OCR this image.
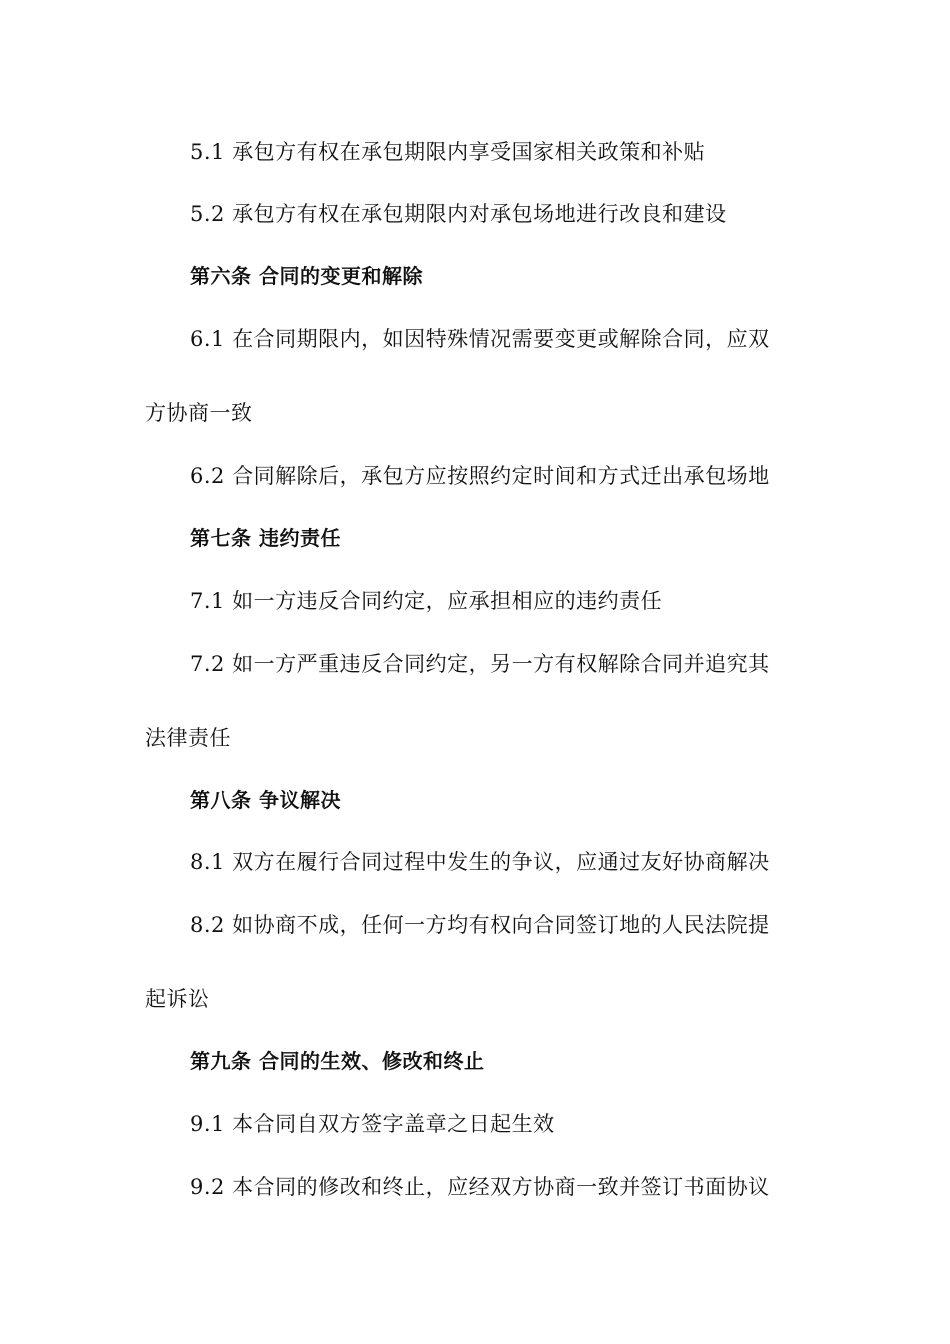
5.1 承包方有权在承包期限内享受国家相关政策和补贴
5.2 承包方有权在承包期限内对承包场地进行改良和建设
第六条 合同的变更和解除
6.1 在合同期限内，如因特殊情况需要变更或解除合同，应双
方协商一致
6.2 合同解除后，承包方应按照约定时间和方式迁出承包场地
第七条 违约责任
7.1 如一方违反合同约定，应承担相应的违约责任
7.2 如一方严重违反合同约定，另一方有权解除合同并追究其
法律责任
第八条 争议解决
8.1 双方在履行合同过程中发生的争议，应通过友好协商解决
8.2 如协商不成，任何一方均有权向合同签订地的人民法院提
起诉讼
第九条 合同的生效、修改和终止
9.1 本合同自双方签字盖章之日起生效
9.2 本合同的修改和终止，应经双方协商一致并签订书面协议
